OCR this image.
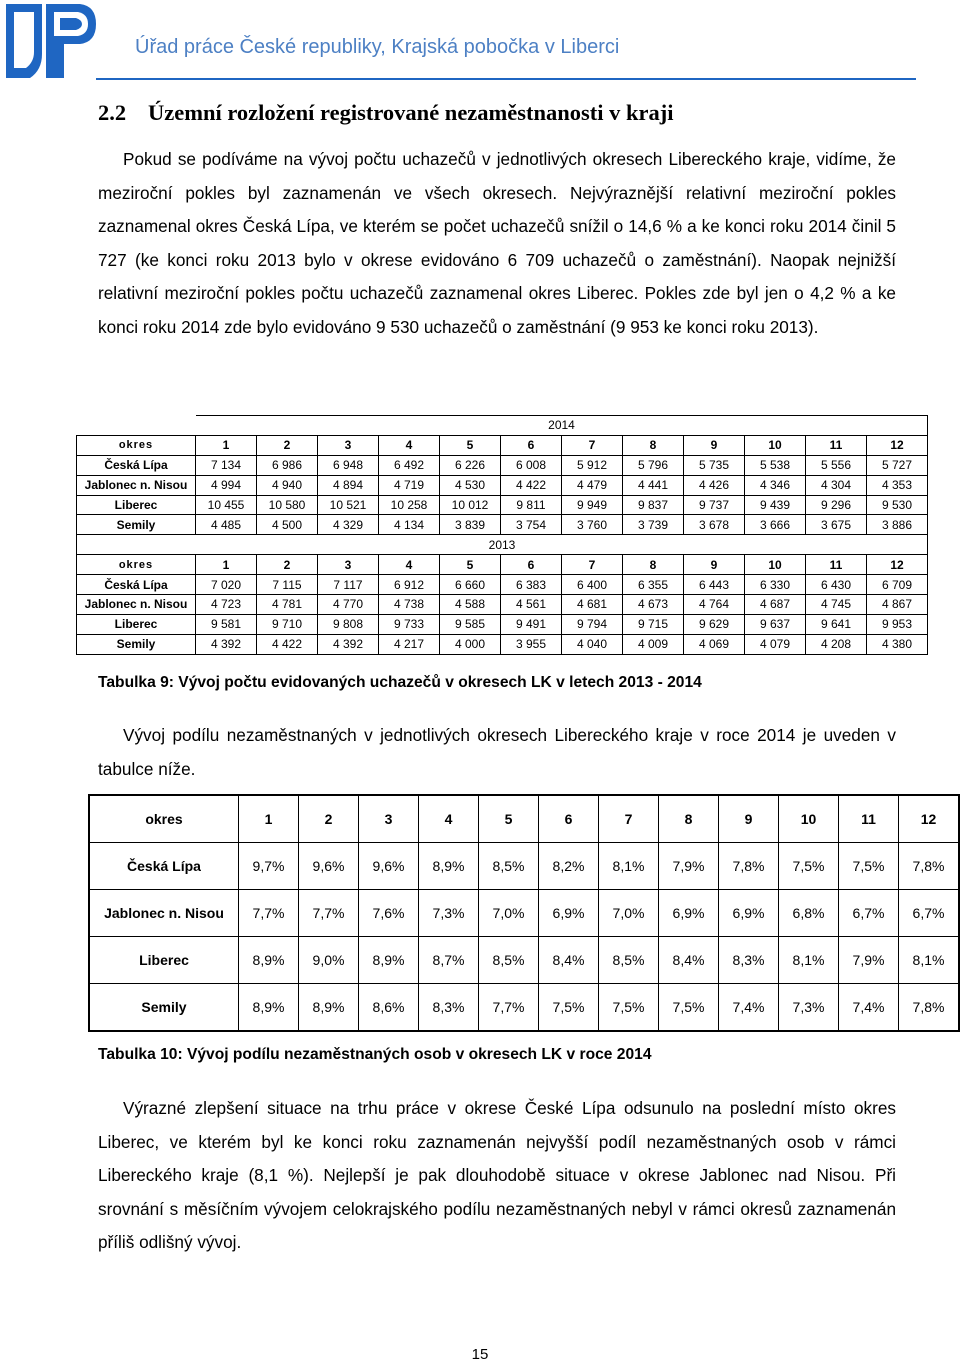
Úřad práce České republiky, Krajská pobočka v Liberci
2.2 Územní rozložení registrované nezaměstnanosti v kraji

Pokud se podíváme na vývoj počtu uchazečů v jednotlivých okresech Libereckého kraje, vidíme, že meziroční pokles byl zaznamenán ve všech okresech. Nejvýraznější relativní meziroční pokles zaznamenal okres Česká Lípa, ve kterém se počet uchazečů snížil o 14,6 % a ke konci roku 2014 činil 5 727 (ke konci roku 2013 bylo v okrese evidováno 6 709 uchazečů o zaměstnání). Naopak nejnižší relativní meziroční pokles počtu uchazečů zaznamenal okres Liberec. Pokles zde byl jen o 4,2 % a ke konci roku 2014 zde bylo evidováno 9 530 uchazečů o zaměstnání (9 953 ke konci roku 2013).

	2014											
okres	1	2	3	4	5	6	7	8	9	10	11	12
Česká Lípa	7 134	6 986	6 948	6 492	6 226	6 008	5 912	5 796	5 735	5 538	5 556	5 727
Jablonec n. Nisou	4 994	4 940	4 894	4 719	4 530	4 422	4 479	4 441	4 426	4 346	4 304	4 353
Liberec	10 455	10 580	10 521	10 258	10 012	9 811	9 949	9 837	9 737	9 439	9 296	9 530
Semily	4 485	4 500	4 329	4 134	3 839	3 754	3 760	3 739	3 678	3 666	3 675	3 886
2013												
okres	1	2	3	4	5	6	7	8	9	10	11	12
Česká Lípa	7 020	7 115	7 117	6 912	6 660	6 383	6 400	6 355	6 443	6 330	6 430	6 709
Jablonec n. Nisou	4 723	4 781	4 770	4 738	4 588	4 561	4 681	4 673	4 764	4 687	4 745	4 867
Liberec	9 581	9 710	9 808	9 733	9 585	9 491	9 794	9 715	9 629	9 637	9 641	9 953
Semily	4 392	4 422	4 392	4 217	4 000	3 955	4 040	4 009	4 069	4 079	4 208	4 380
Tabulka 9: Vývoj počtu evidovaných uchazečů v okresech LK v letech 2013 - 2014

Vývoj podílu nezaměstnaných v jednotlivých okresech Libereckého kraje v roce 2014 je uveden v tabulce níže.

okres	1	2	3	4	5	6	7	8	9	10	11	12
Česká Lípa	9,7%	9,6%	9,6%	8,9%	8,5%	8,2%	8,1%	7,9%	7,8%	7,5%	7,5%	7,8%
Jablonec n. Nisou	7,7%	7,7%	7,6%	7,3%	7,0%	6,9%	7,0%	6,9%	6,9%	6,8%	6,7%	6,7%
Liberec	8,9%	9,0%	8,9%	8,7%	8,5%	8,4%	8,5%	8,4%	8,3%	8,1%	7,9%	8,1%
Semily	8,9%	8,9%	8,6%	8,3%	7,7%	7,5%	7,5%	7,5%	7,4%	7,3%	7,4%	7,8%
Tabulka 10: Vývoj podílu nezaměstnaných osob v okresech LK v roce 2014

Výrazné zlepšení situace na trhu práce v okrese České Lípa odsunulo na poslední místo okres Liberec, ve kterém byl ke konci roku zaznamenán nejvyšší podíl nezaměstnaných osob v rámci Libereckého kraje (8,1 %). Nejlepší je pak dlouhodobě situace v okrese Jablonec nad Nisou. Při srovnání s měsíčním vývojem celokrajského podílu nezaměstnaných nebyl v rámci okresů zaznamenán příliš odlišný vývoj.

15
